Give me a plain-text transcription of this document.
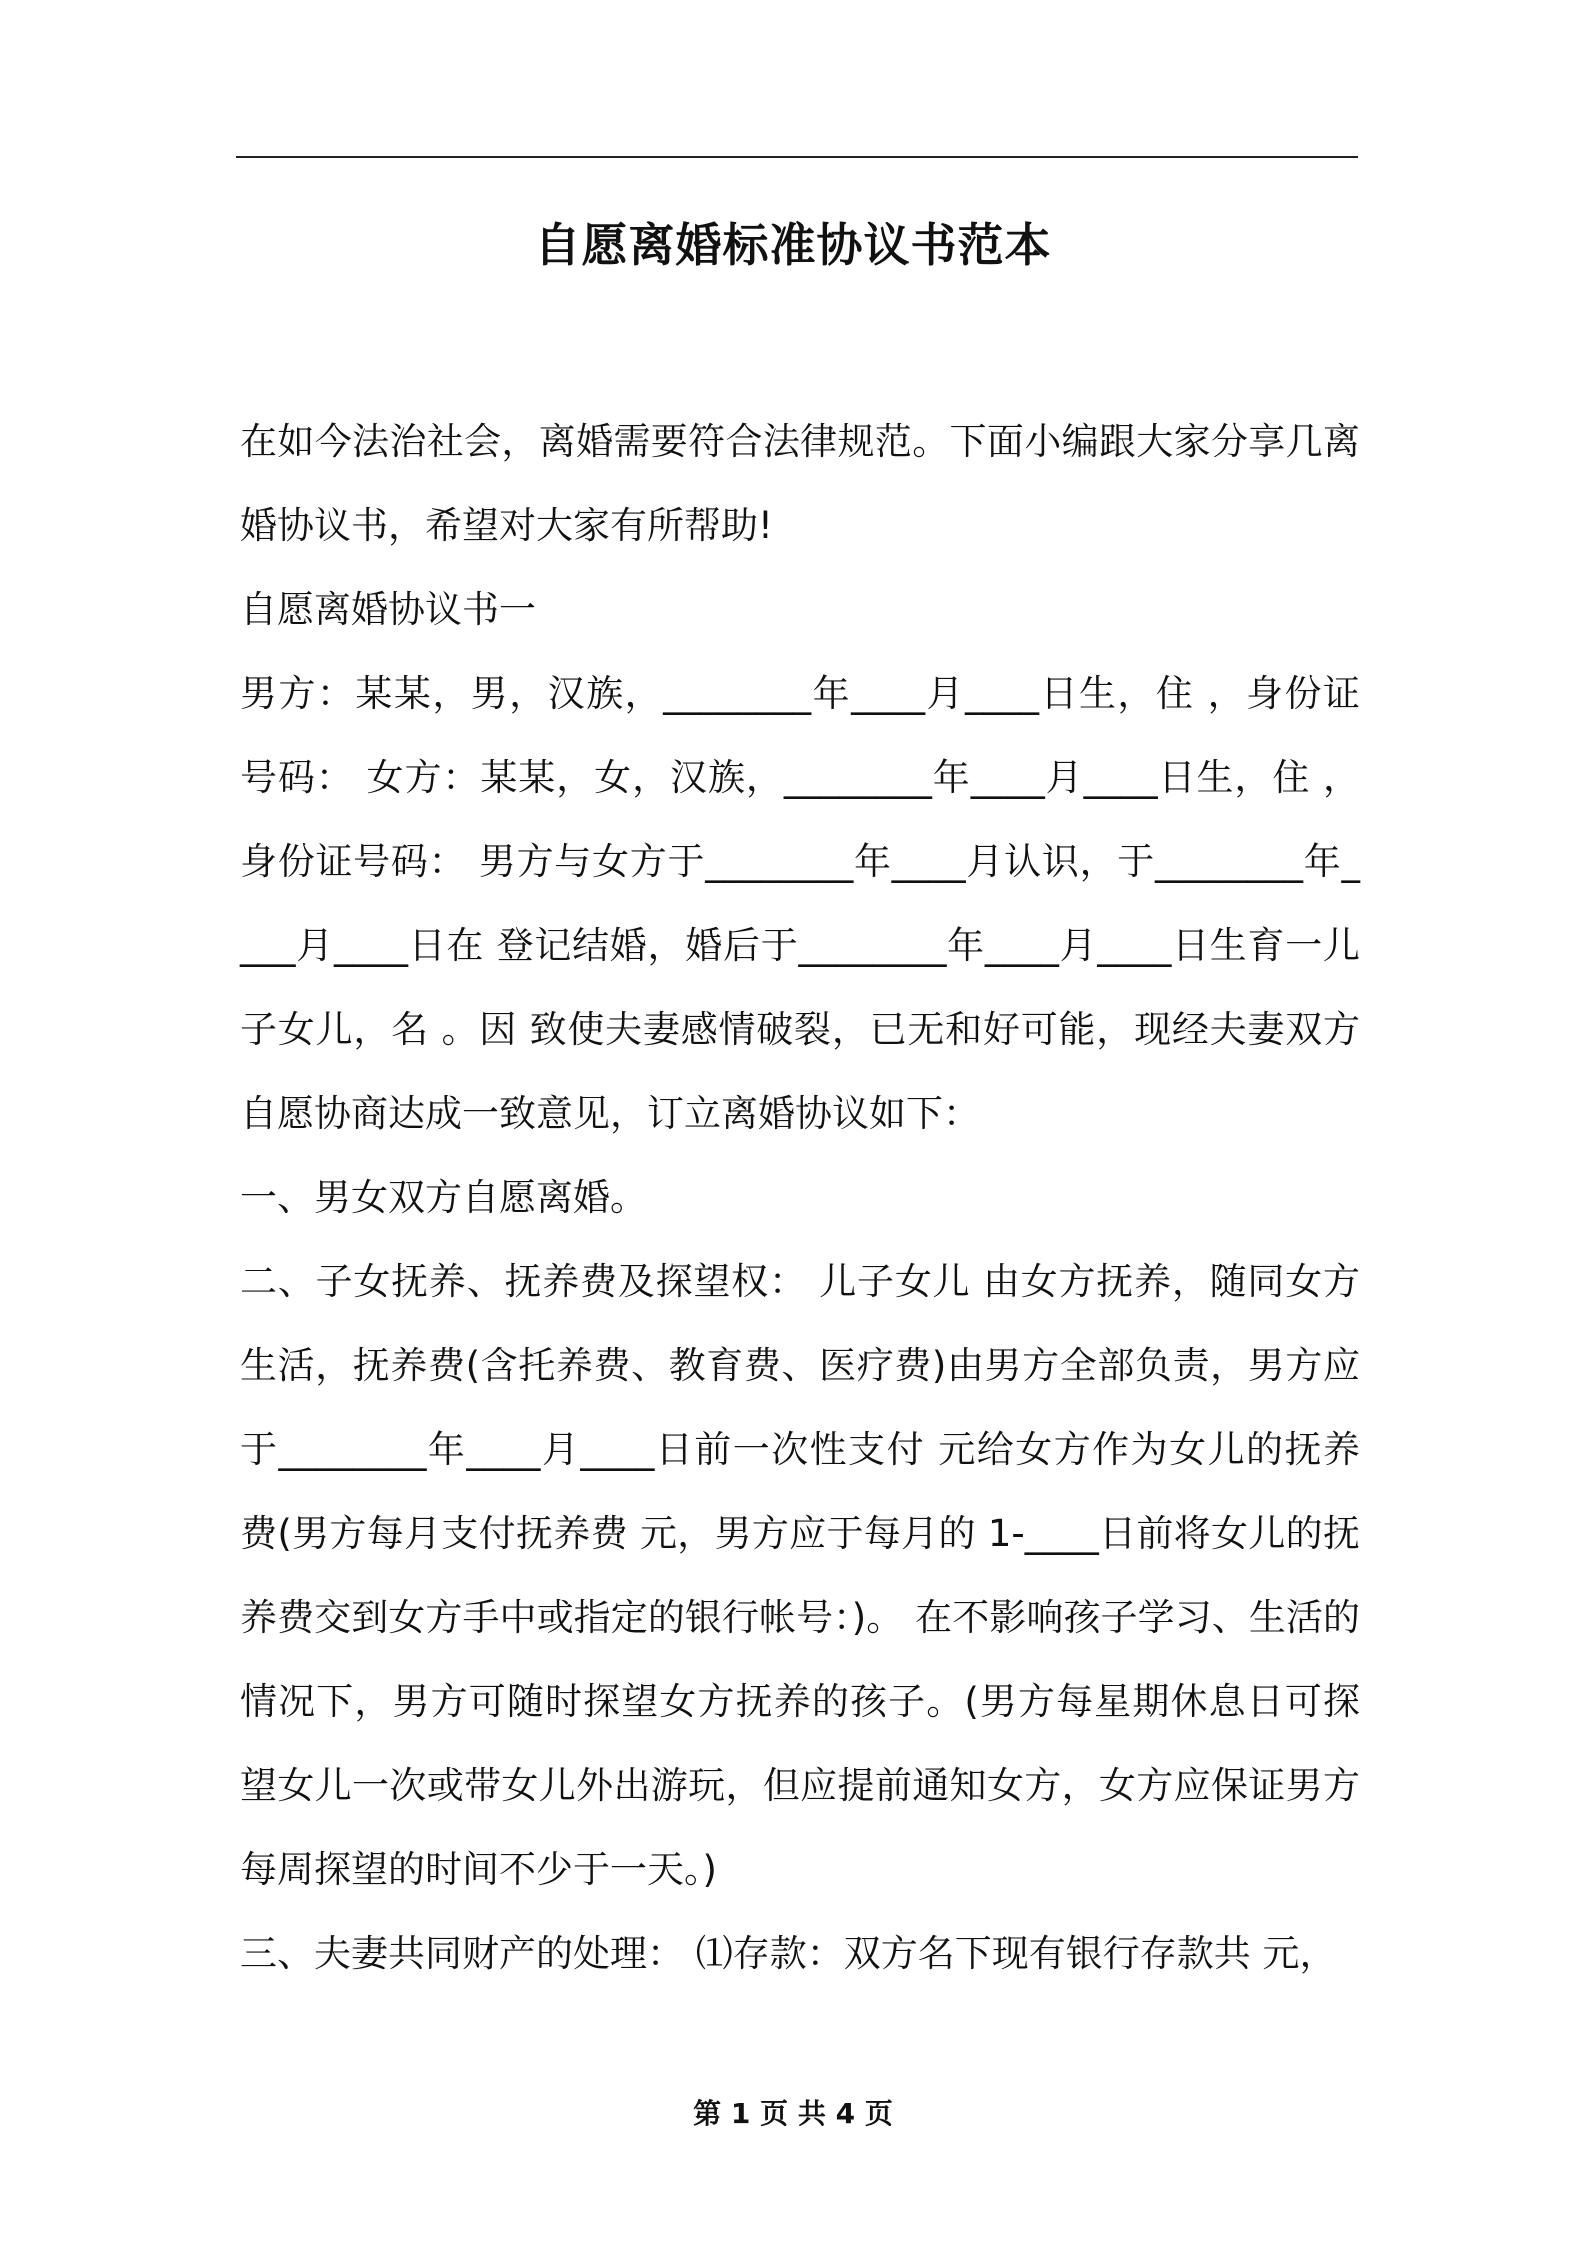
自愿离婚标准协议书范本

在如今法治社会，离婚需要符合法律规范。下面小编跟大家分享几离婚协议书，希望对大家有所帮助!

自愿离婚协议书一

男方：某某，男，汉族，________年____月____日生，住 ，身份证号码： 女方：某某，女，汉族，________年____月____日生，住 ，身份证号码： 男方与女方于________年____月认识，于________年____月____日在 登记结婚，婚后于________年____月____日生育一儿子女儿，名 。因 致使夫妻感情破裂，已无和好可能，现经夫妻双方自愿协商达成一致意见，订立离婚协议如下：

一、男女双方自愿离婚。

二、子女抚养、抚养费及探望权： 儿子女儿 由女方抚养，随同女方生活，抚养费(含托养费、教育费、医疗费)由男方全部负责，男方应于________年____月____日前一次性支付 元给女方作为女儿的抚养费(男方每月支付抚养费 元，男方应于每月的 1-____日前将女儿的抚养费交到女方手中或指定的银行帐号：)。 在不影响孩子学习、生活的情况下，男方可随时探望女方抚养的孩子。(男方每星期休息日可探望女儿一次或带女儿外出游玩，但应提前通知女方，女方应保证男方每周探望的时间不少于一天。)

三、夫妻共同财产的处理： ⑴存款：双方名下现有银行存款共 元，

第 1 页 共 4 页
